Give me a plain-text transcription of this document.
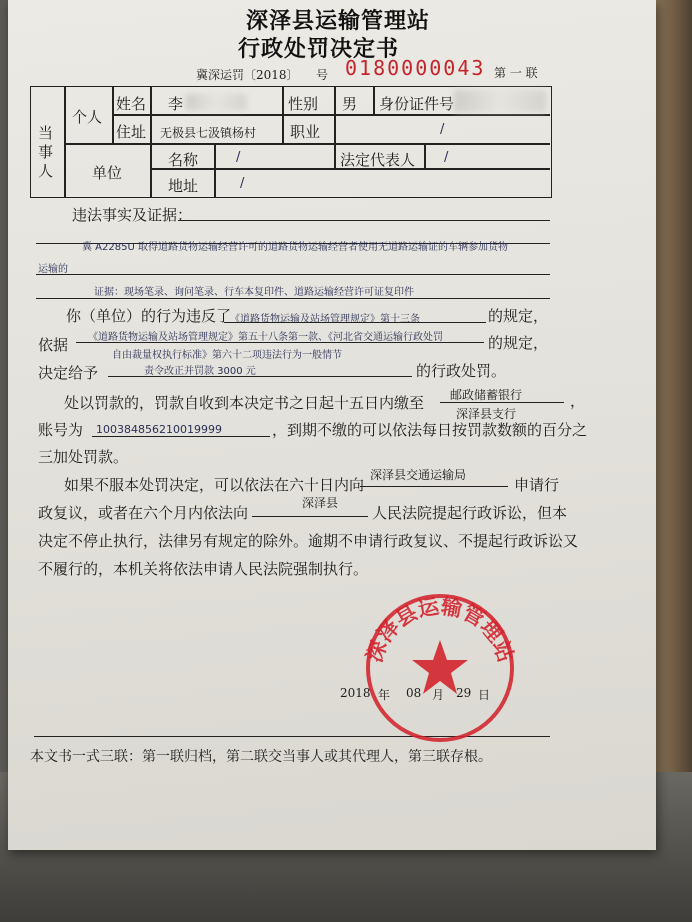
深泽县运输管理站
行政处罚决定书
冀深运罚〔2018〕 号 0180000043 第 一 联
当事人
个人
姓名 李	性别 男 身份证件号
住址 无极县七汲镇杨村 职业	/
单位
名称	/	法定代表人 /
地址	/
违法事实及证据：
冀 A2285U 取得道路货物运输经营许可的道路货物运输经营者使用无道路运输证的车辆参加货物
运输的
证据：现场笔录、询问笔录、行车本复印件、道路运输经营许可证复印件
你（单位）的行为违反了
《道路货物运输及站场管理规定》第十三条	的规定，
依据 《道路货物运输及站场管理规定》第五十八条第一款、《河北省交通运输行政处罚
自由裁量权执行标准》第六十二项违法行为一般情节
的规定，
决定给予	责令改正并罚款 3000 元	的行政处罚。
处以罚款的，罚款自收到本决定书之日起十五日内缴至 邮政储蓄银行	，
深泽县支行
账号为 100384856210019999	，到期不缴的可以依法每日按罚款数额的百分之
三加处罚款。
如果不服本处罚决定，可以依法在六十日内向
深泽县交通运输局
申请行
政复议，或者在六个月内依法向
深泽县
人民法院提起行政诉讼，但本
决定不停止执行，法律另有规定的除外。逾期不申请行政复议、不提起行政诉讼又
不履行的，本机关将依法申请人民法院强制执行。
2018 年 08 月 29 日
本文书一式三联：第一联归档，第二联交当事人或其代理人，第三联存根。
深泽县运输管理站
